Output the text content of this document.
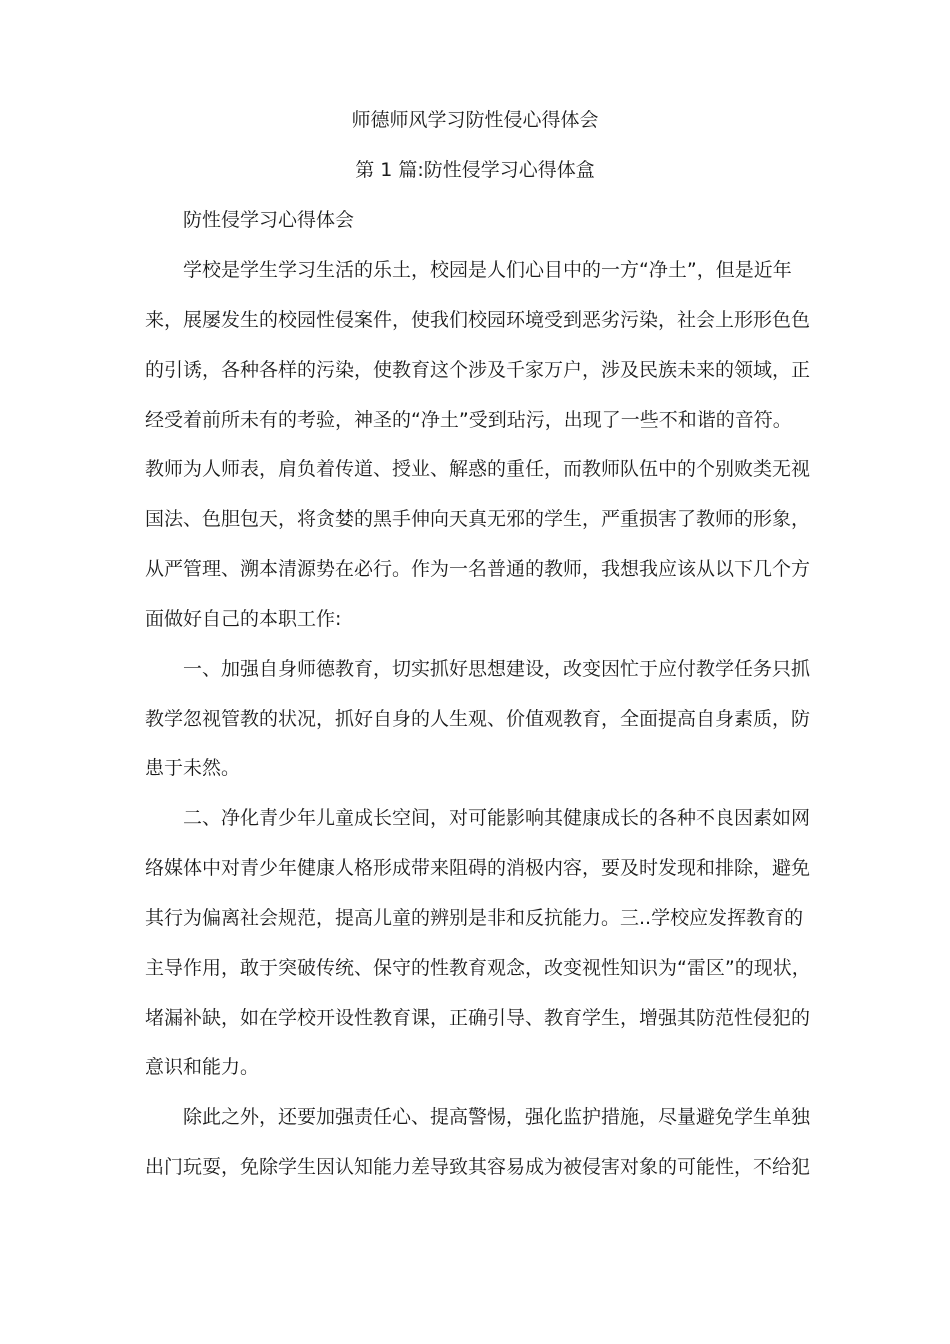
师德师风学习防性侵心得体会
第 1 篇:防性侵学习心得体盒
　　防性侵学习心得体会
　　学校是学生学习生活的乐土，校园是人们心目中的一方“净土”，但是近年
来，展屡发生的校园性侵案件，使我们校园环境受到恶劣污染，社会上形形色色
的引诱，各种各样的污染，使教育这个涉及千家万户，涉及民族未来的领域，正
经受着前所未有的考验，神圣的“净土”受到玷污，出现了一些不和谐的音符。
教师为人师表，肩负着传道、授业、解惑的重任，而教师队伍中的个别败类无视
国法、色胆包天，将贪婪的黑手伸向天真无邪的学生，严重损害了教师的形象，
从严管理、溯本清源势在必行。作为一名普通的教师，我想我应该从以下几个方
面做好自己的本职工作:
　　一、加强自身师德教育，切实抓好思想建设，改变因忙于应付教学任务只抓
教学忽视管教的状况，抓好自身的人生观、价值观教育，全面提高自身素质，防
患于未然。
　　二、净化青少年儿童成长空间，对可能影响其健康成长的各种不良因素如网
络媒体中对青少年健康人格形成带来阻碍的消极内容，要及时发现和排除，避免
其行为偏离社会规范，提高儿童的辨别是非和反抗能力。三..学校应发挥教育的
主导作用，敢于突破传统、保守的性教育观念，改变视性知识为“雷区”的现状，
堵漏补缺，如在学校开设性教育课，正确引导、教育学生，增强其防范性侵犯的
意识和能力。
　　除此之外，还要加强责任心、提高警惕，强化监护措施，尽量避免学生单独
出门玩耍，免除学生因认知能力差导致其容易成为被侵害对象的可能性，不给犯
